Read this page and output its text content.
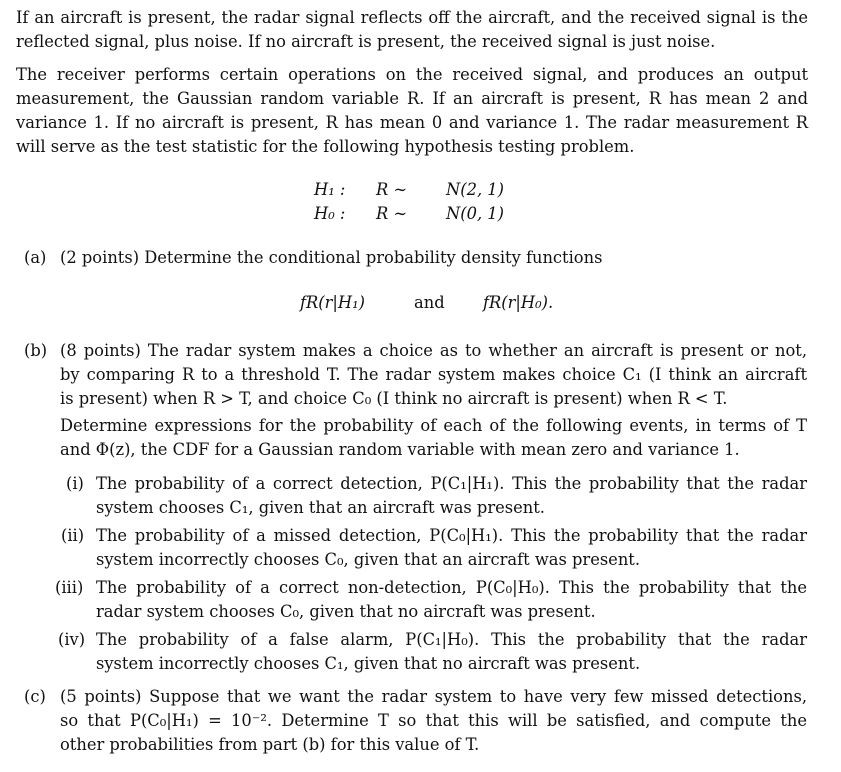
If an aircraft is present, the radar signal reflects off the aircraft, and the received signal is the
reflected signal, plus noise. If no aircraft is present, the received signal is just noise.
The receiver performs certain operations on the received signal, and produces an output
measurement, the Gaussian random variable R. If an aircraft is present, R has mean 2 and
variance 1. If no aircraft is present, R has mean 0 and variance 1. The radar measurement R
will serve as the test statistic for the following hypothesis testing problem.
H₁ : R ∼ N(2, 1)
H₀ : R ∼ N(0, 1)
(a) (2 points) Determine the conditional probability density functions
fR(r|H₁)	and fR(r|H₀).
(b) (8 points) The radar system makes a choice as to whether an aircraft is present or not,
by comparing R to a threshold T. The radar system makes choice C₁ (I think an aircraft
is present) when R > T, and choice C₀ (I think no aircraft is present) when R < T.
Determine expressions for the probability of each of the following events, in terms of T
and Φ(z), the CDF for a Gaussian random variable with mean zero and variance 1.
(i) The probability of a correct detection, P(C₁|H₁). This the probability that the radar
system chooses C₁, given that an aircraft was present.
(ii) The probability of a missed detection, P(C₀|H₁). This the probability that the radar
system incorrectly chooses C₀, given that an aircraft was present.
(iii) The probability of a correct non-detection, P(C₀|H₀). This the probability that the
radar system chooses C₀, given that no aircraft was present.
(iv) The probability of a false alarm, P(C₁|H₀). This the probability that the radar
system incorrectly chooses C₁, given that no aircraft was present.
(c) (5 points) Suppose that we want the radar system to have very few missed detections,
so that P(C₀|H₁) = 10⁻². Determine T so that this will be satisfied, and compute the
other probabilities from part (b) for this value of T.
